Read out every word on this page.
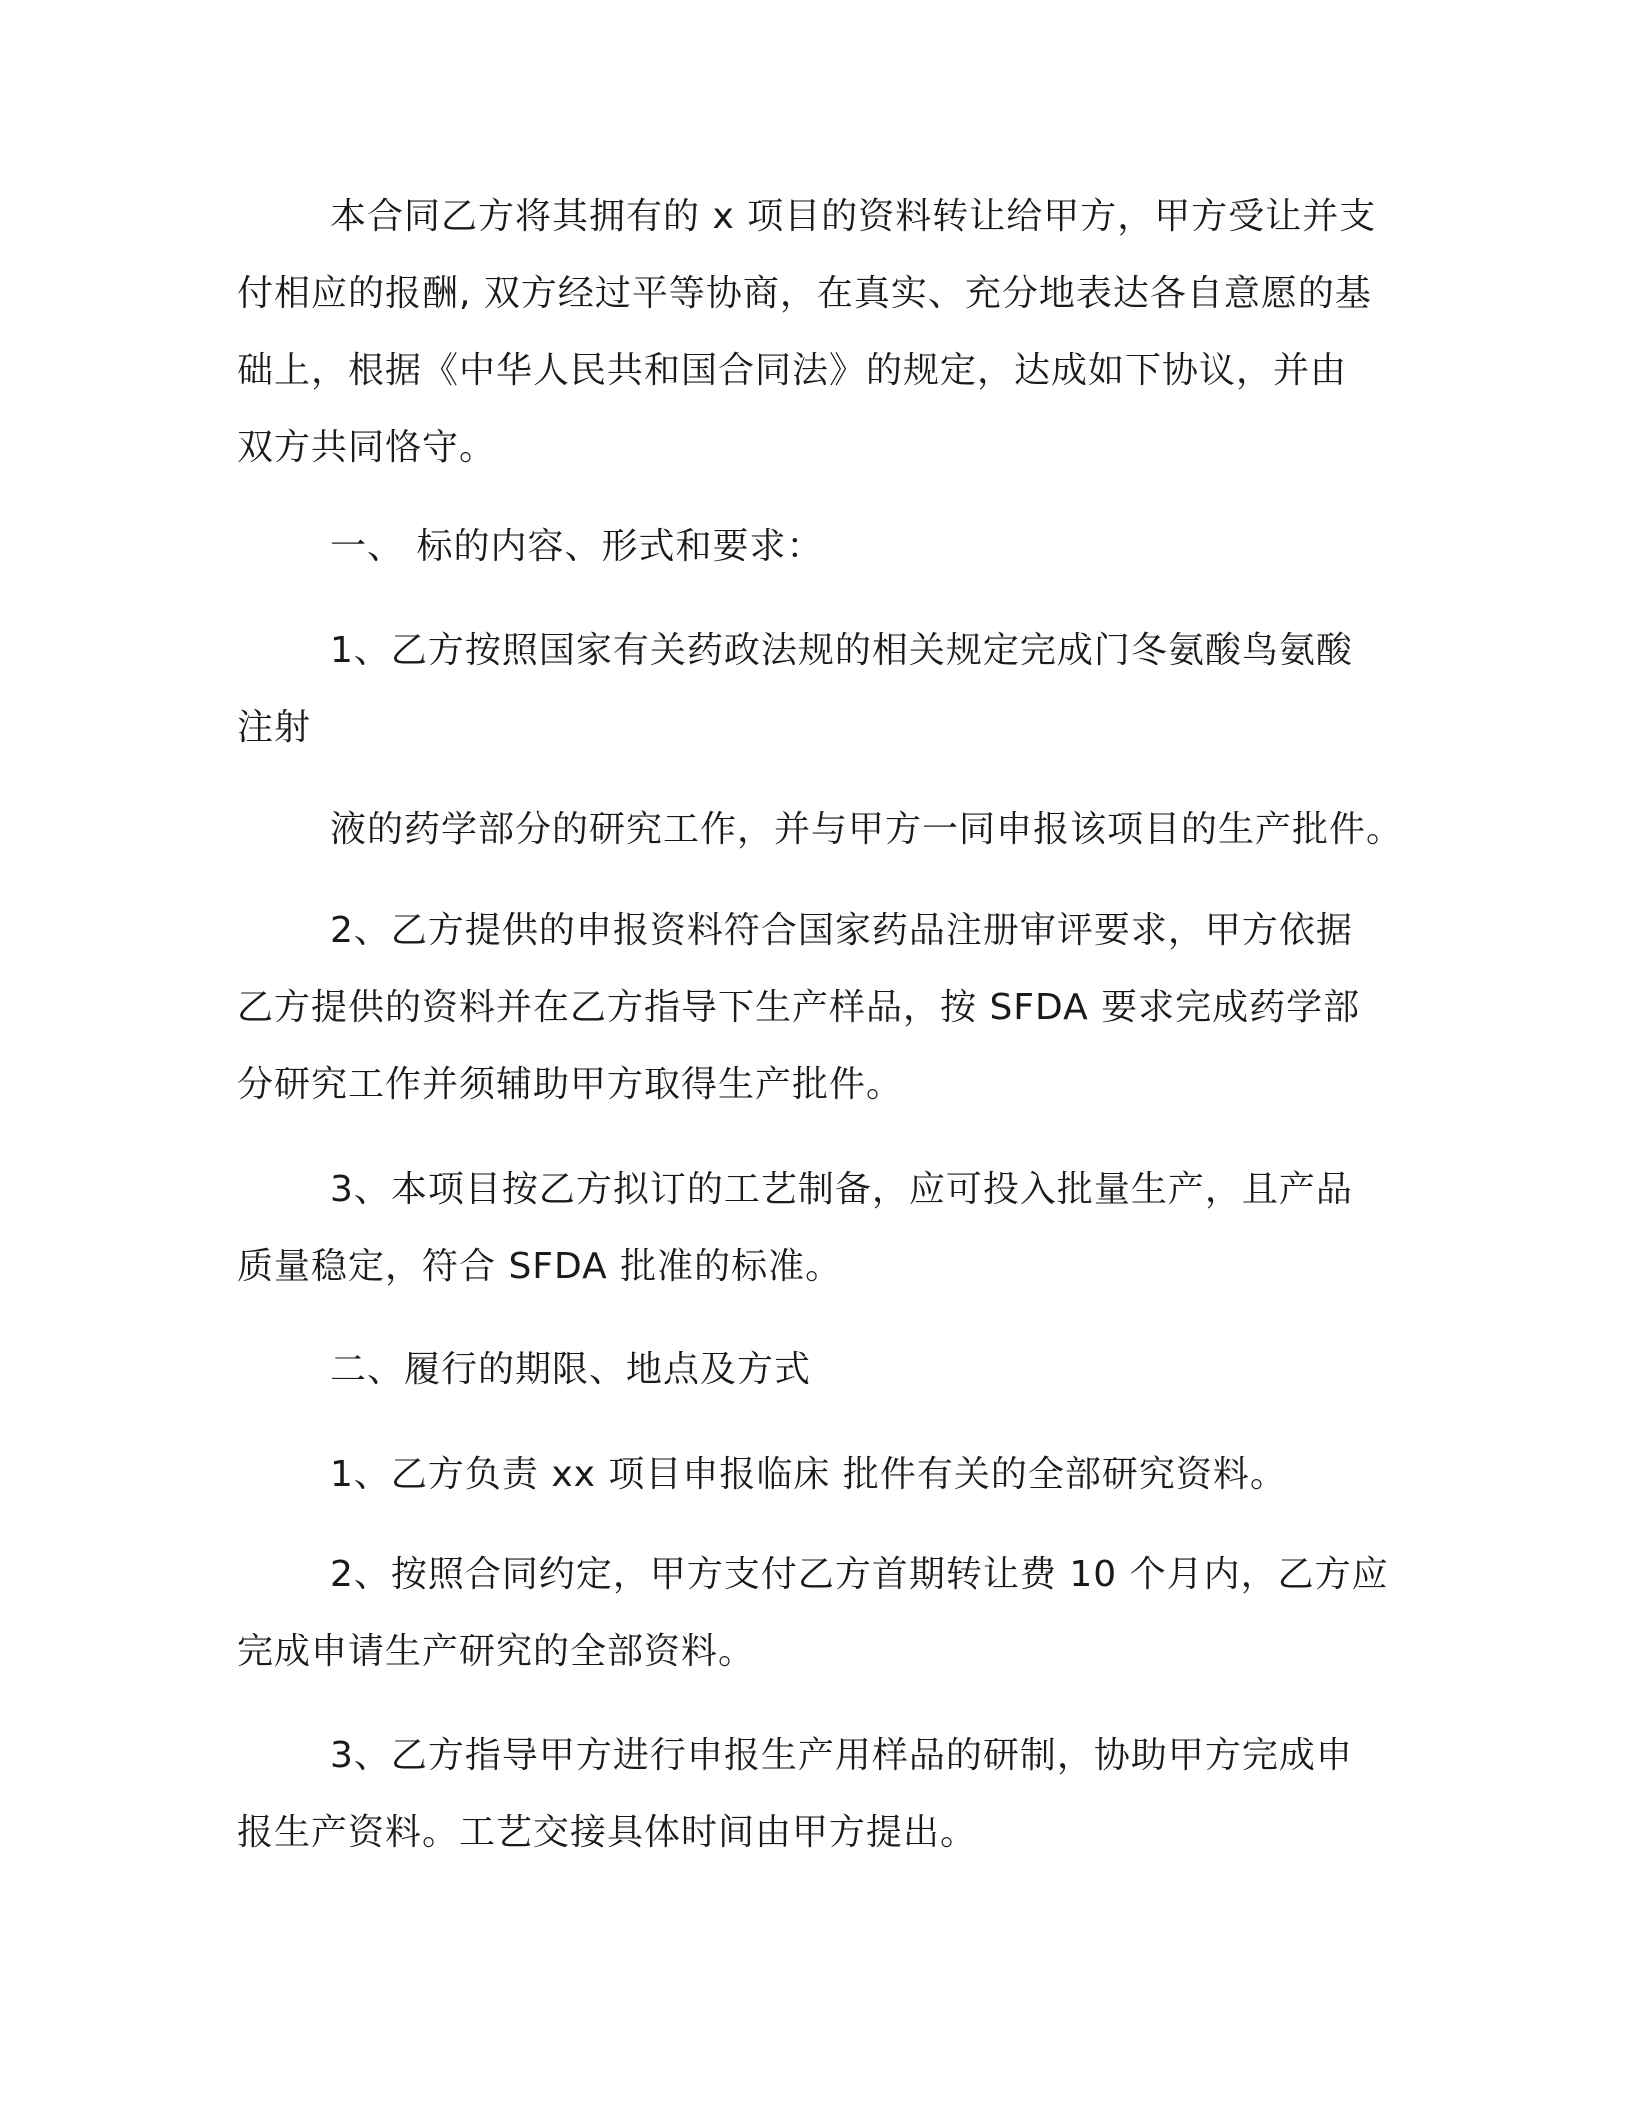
本合同乙方将其拥有的 x 项目的资料转让给甲方，甲方受让并支
付相应的报酬, 双方经过平等协商，在真实、充分地表达各自意愿的基
础上，根据《中华人民共和国合同法》的规定，达成如下协议，并由
双方共同恪守。
一、 标的内容、形式和要求：
1、乙方按照国家有关药政法规的相关规定完成门冬氨酸鸟氨酸
注射
液的药学部分的研究工作，并与甲方一同申报该项目的生产批件。
2、乙方提供的申报资料符合国家药品注册审评要求，甲方依据
乙方提供的资料并在乙方指导下生产样品，按 SFDA 要求完成药学部
分研究工作并须辅助甲方取得生产批件。
3、本项目按乙方拟订的工艺制备，应可投入批量生产，且产品
质量稳定，符合 SFDA 批准的标准。
二、履行的期限、地点及方式
1、乙方负责 xx 项目申报临床 批件有关的全部研究资料。
2、按照合同约定，甲方支付乙方首期转让费 10 个月内，乙方应
完成申请生产研究的全部资料。
3、乙方指导甲方进行申报生产用样品的研制，协助甲方完成申
报生产资料。工艺交接具体时间由甲方提出。
